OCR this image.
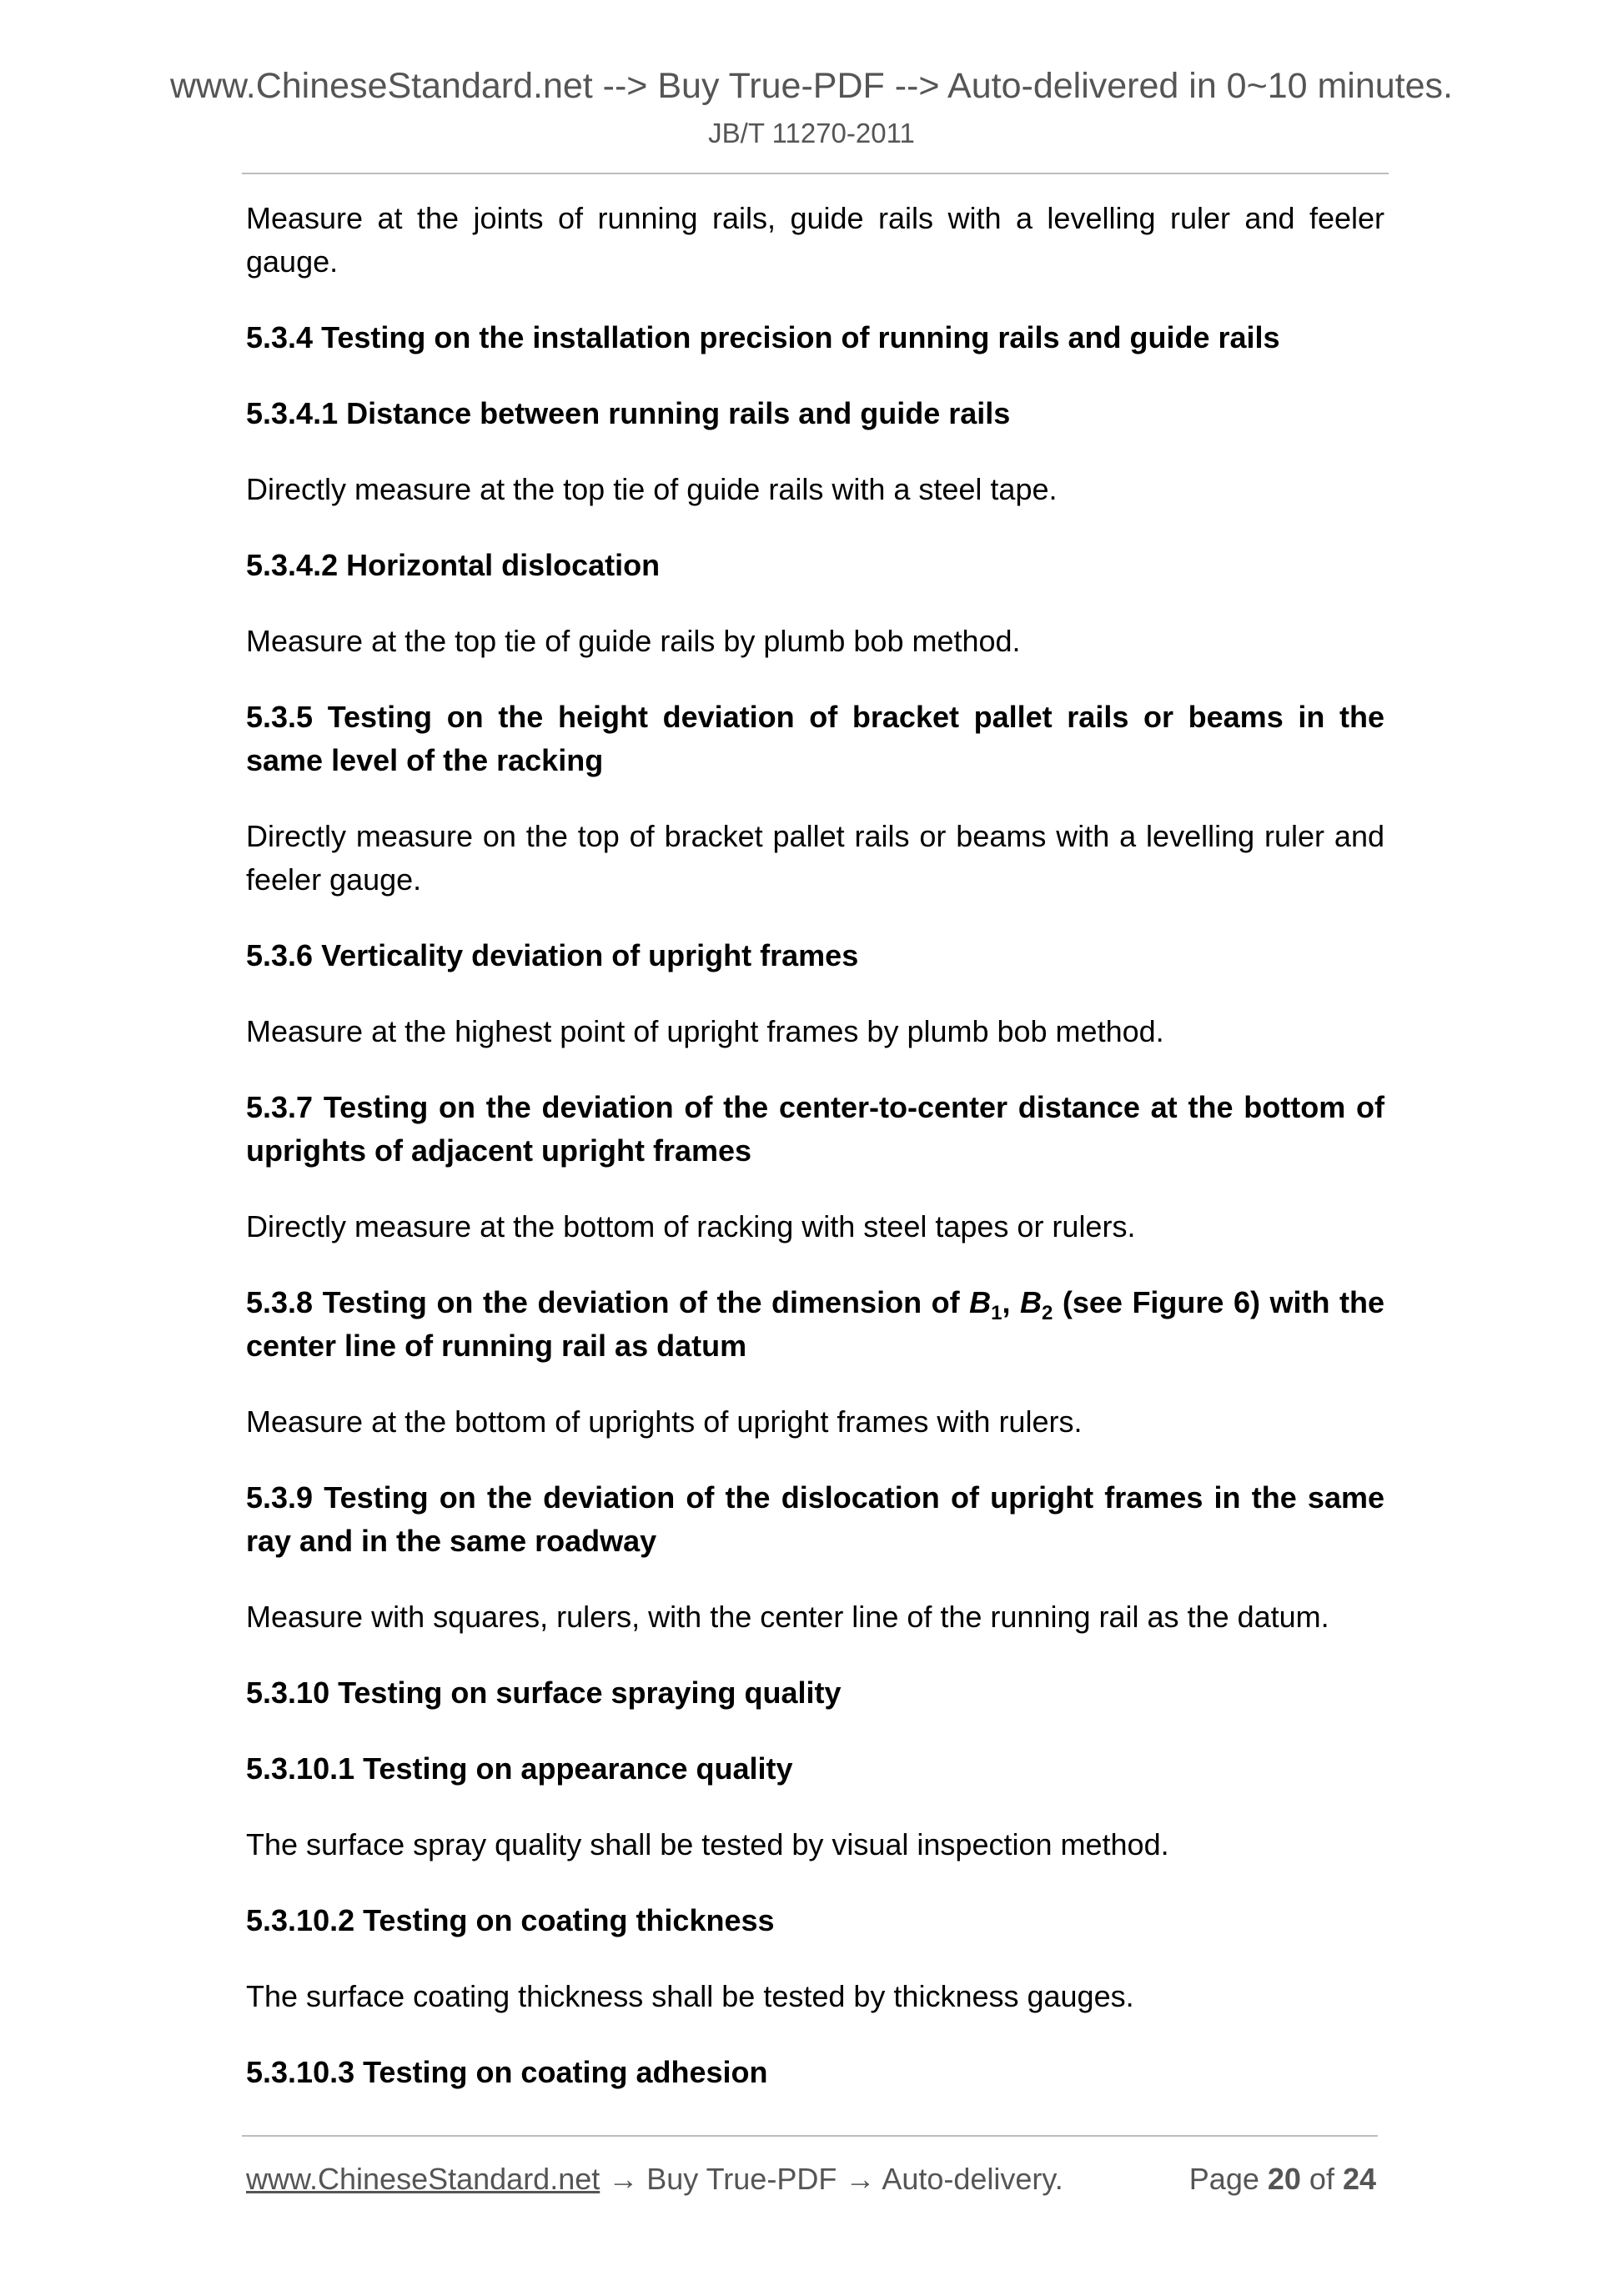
www.ChineseStandard.net --> Buy True-PDF --> Auto-delivered in 0~10 minutes.
JB/T 11270-2011

Measure at the joints of running rails, guide rails with a levelling ruler and feeler gauge.

5.3.4 Testing on the installation precision of running rails and guide rails

5.3.4.1 Distance between running rails and guide rails

Directly measure at the top tie of guide rails with a steel tape.

5.3.4.2 Horizontal dislocation

Measure at the top tie of guide rails by plumb bob method.

5.3.5 Testing on the height deviation of bracket pallet rails or beams in the same level of the racking

Directly measure on the top of bracket pallet rails or beams with a levelling ruler and feeler gauge.

5.3.6 Verticality deviation of upright frames

Measure at the highest point of upright frames by plumb bob method.

5.3.7 Testing on the deviation of the center-to-center distance at the bottom of uprights of adjacent upright frames

Directly measure at the bottom of racking with steel tapes or rulers.

5.3.8 Testing on the deviation of the dimension of $B_1$, $B_2$ (see Figure 6) with the center line of running rail as datum

Measure at the bottom of uprights of upright frames with rulers.

5.3.9 Testing on the deviation of the dislocation of upright frames in the same ray and in the same roadway

Measure with squares, rulers, with the center line of the running rail as the datum.

5.3.10 Testing on surface spraying quality

5.3.10.1 Testing on appearance quality

The surface spray quality shall be tested by visual inspection method.

5.3.10.2 Testing on coating thickness

The surface coating thickness shall be tested by thickness gauges.

5.3.10.3 Testing on coating adhesion

www.ChineseStandard.net → Buy True-PDF → Auto-delivery.	Page 20 of 24
